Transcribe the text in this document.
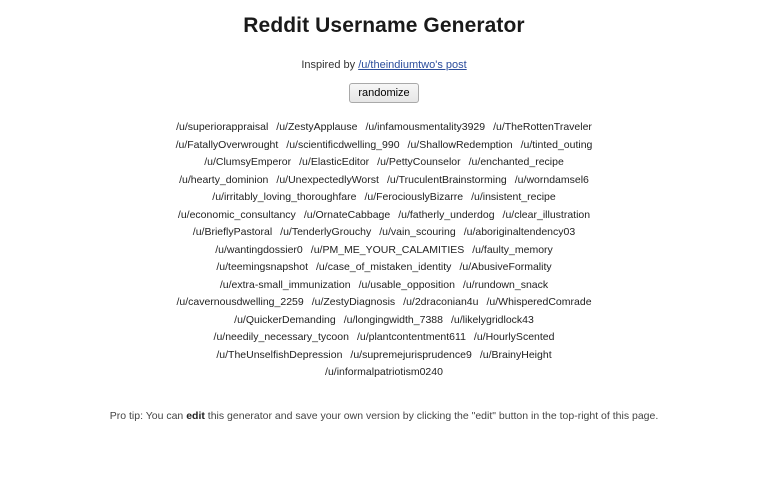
Reddit Username Generator

Inspired by /u/theindiumtwo's post

randomize
/u/superiorappraisal /u/ZestyApplause /u/infamousmentality3929 /u/TheRottenTraveler/u/FatallyOverwrought /u/scientificdwelling_990 /u/ShallowRedemption /u/tinted_outing/u/ClumsyEmperor /u/ElasticEditor /u/PettyCounselor /u/enchanted_recipe/u/hearty_dominion /u/UnexpectedlyWorst /u/TruculentBrainstorming /u/worndamsel6/u/irritably_loving_thoroughfare /u/FerociouslyBizarre /u/insistent_recipe/u/economic_consultancy /u/OrnateCabbage /u/fatherly_underdog /u/clear_illustration/u/BrieflyPastoral /u/TenderlyGrouchy /u/vain_scouring /u/aboriginaltendency03/u/wantingdossier0 /u/PM_ME_YOUR_CALAMITIES /u/faulty_memory/u/teemingsnapshot /u/case_of_mistaken_identity /u/AbusiveFormality/u/extra-small_immunization /u/usable_opposition /u/rundown_snack/u/cavernousdwelling_2259 /u/ZestyDiagnosis /u/2draconian4u /u/WhisperedComrade/u/QuickerDemanding /u/longingwidth_7388 /u/likelygridlock43/u/needily_necessary_tycoon /u/plantcontentment611 /u/HourlyScented/u/TheUnselfishDepression /u/supremejurisprudence9 /u/BrainyHeight/u/informalpatriotism0240
Pro tip: You can edit this generator and save your own version by clicking the "edit" button in the top-right of this page.
